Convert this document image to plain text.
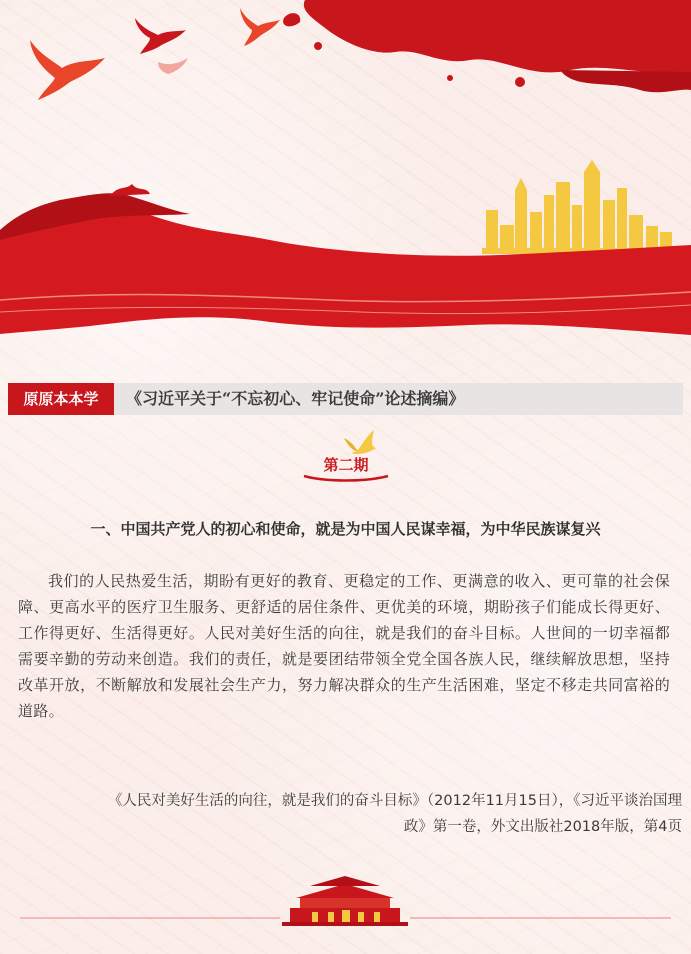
原原本本学	《习近平关于“不忘初心、牢记使命”论述摘编》
第二期
一、中国共产党人的初心和使命，就是为中国人民谋幸福，为中华民族谋复兴
我们的人民热爱生活，期盼有更好的教育、更稳定的工作、更满意的收入、更可靠的社会保障、更高水平的医疗卫生服务、更舒适的居住条件、更优美的环境，期盼孩子们能成长得更好、工作得更好、生活得更好。人民对美好生活的向往，就是我们的奋斗目标。人世间的一切幸福都需要辛勤的劳动来创造。我们的责任，就是要团结带领全党全国各族人民，继续解放思想，坚持改革开放，不断解放和发展社会生产力，努力解决群众的生产生活困难，坚定不移走共同富裕的道路。
《人民对美好生活的向往，就是我们的奋斗目标》（2012年11月15日），《习近平谈治国理
政》第一卷，外文出版社2018年版，第4页
